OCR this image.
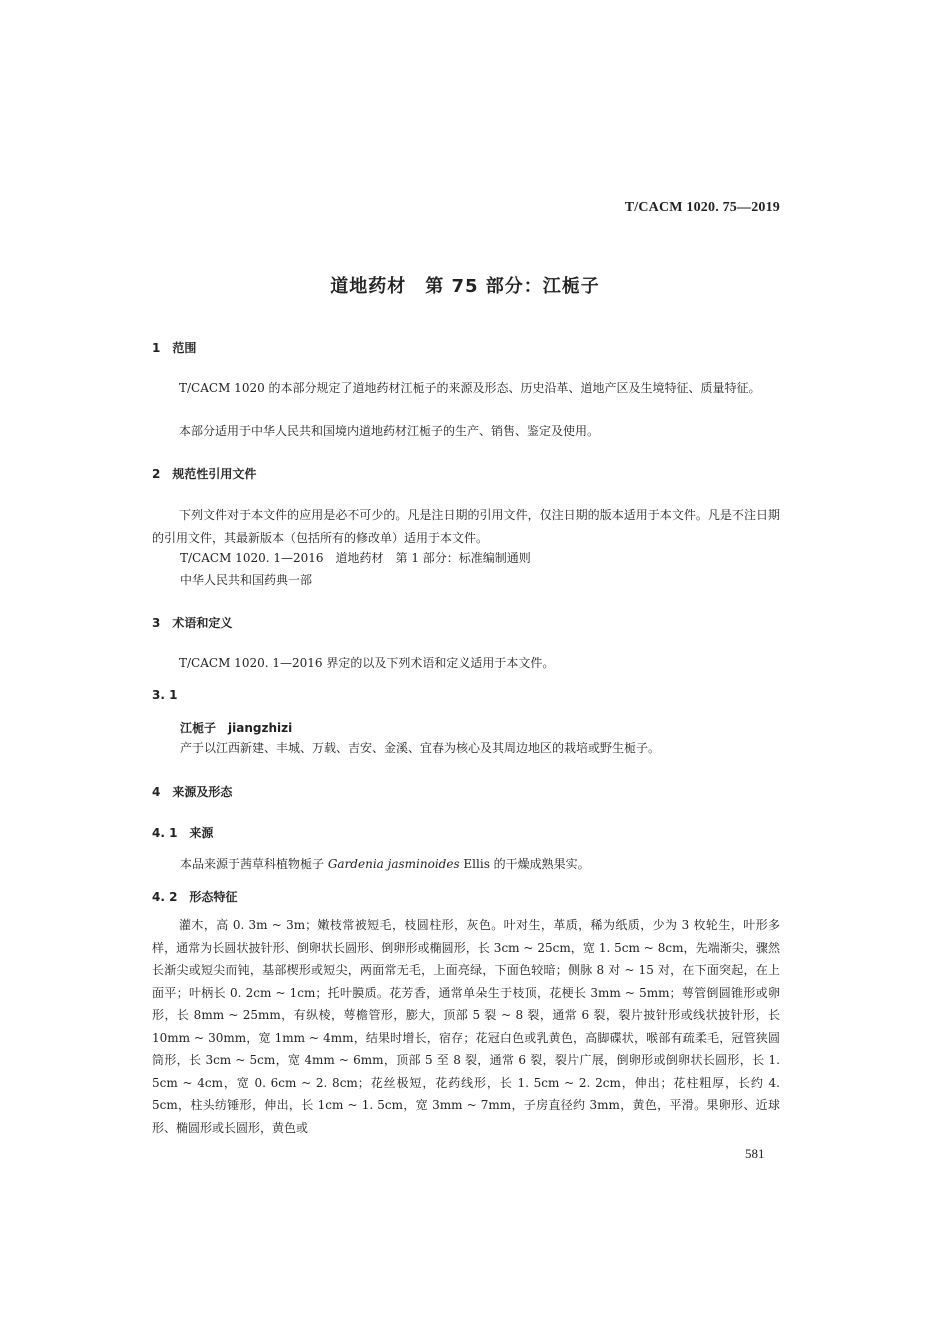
T/CACM 1020. 75—2019
道地药材　第 75 部分：江栀子
1　范围

T/CACM 1020 的本部分规定了道地药材江栀子的来源及形态、历史沿革、道地产区及生境特征、质量特征。

本部分适用于中华人民共和国境内道地药材江栀子的生产、销售、鉴定及使用。

2　规范性引用文件

下列文件对于本文件的应用是必不可少的。凡是注日期的引用文件，仅注日期的版本适用于本文件。凡是不注日期的引用文件，其最新版本（包括所有的修改单）适用于本文件。

T/CACM 1020. 1—2016　道地药材　第 1 部分：标准编制通则
中华人民共和国药典一部
3　术语和定义

T/CACM 1020. 1—2016 界定的以及下列术语和定义适用于本文件。

3. 1
江栀子　jiangzhizi
产于以江西新建、丰城、万载、吉安、金溪、宜春为核心及其周边地区的栽培或野生栀子。
4　来源及形态
4. 1　来源
本品来源于茜草科植物栀子 Gardenia jasminoides Ellis 的干燥成熟果实。
4. 2　形态特征

灌木，高 0. 3m ~ 3m；嫩枝常被短毛，枝圆柱形，灰色。叶对生，革质，稀为纸质，少为 3 枚轮生，叶形多样，通常为长圆状披针形、倒卵状长圆形、倒卵形或椭圆形，长 3cm ~ 25cm，宽 1. 5cm ~ 8cm，先端渐尖，骤然长渐尖或短尖而钝，基部楔形或短尖，两面常无毛，上面亮绿，下面色较暗；侧脉 8 对 ~ 15 对，在下面突起，在上面平；叶柄长 0. 2cm ~ 1cm；托叶膜质。花芳香，通常单朵生于枝顶，花梗长 3mm ~ 5mm；萼管倒圆锥形或卵形，长 8mm ~ 25mm，有纵棱，萼檐管形，膨大，顶部 5 裂 ~ 8 裂，通常 6 裂，裂片披针形或线状披针形，长 10mm ~ 30mm，宽 1mm ~ 4mm，结果时增长，宿存；花冠白色或乳黄色，高脚碟状，喉部有疏柔毛，冠管狭圆筒形，长 3cm ~ 5cm，宽 4mm ~ 6mm，顶部 5 至 8 裂，通常 6 裂，裂片广展，倒卵形或倒卵状长圆形，长 1. 5cm ~ 4cm，宽 0. 6cm ~ 2. 8cm；花丝极短，花药线形，长 1. 5cm ~ 2. 2cm，伸出；花柱粗厚，长约 4. 5cm，柱头纺锤形，伸出，长 1cm ~ 1. 5cm，宽 3mm ~ 7mm，子房直径约 3mm，黄色，平滑。果卵形、近球形、椭圆形或长圆形，黄色或

581
